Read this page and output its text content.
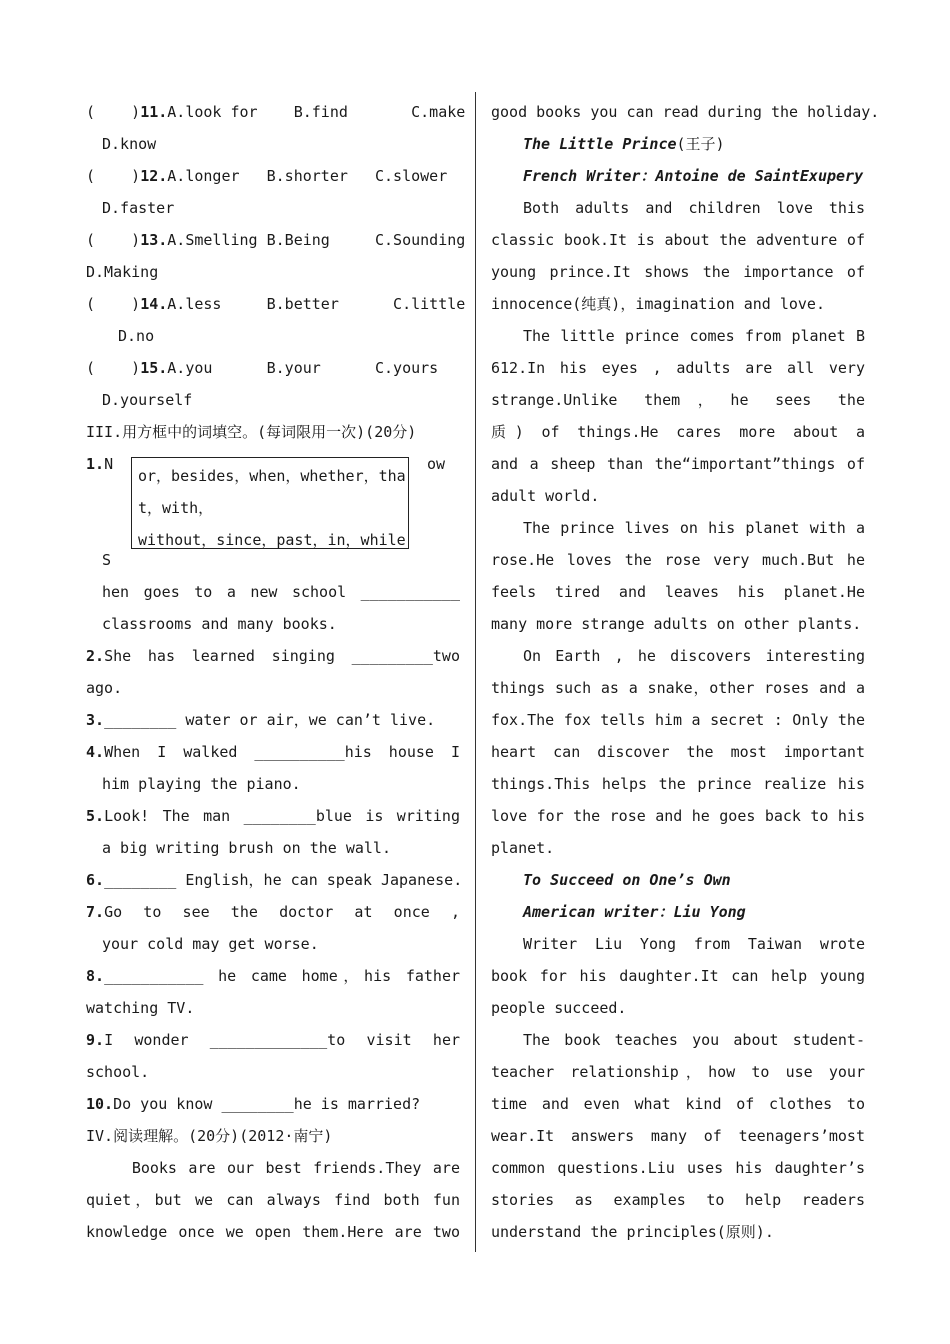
(    )11.A.look for    B.find       C.make
D.know
(    )12.A.longer   B.shorter   C.slower
D.faster
(    )13.A.Smelling B.Being     C.Sounding
D.Making
(    )14.A.less     B.better      C.little
D.no
(    )15.A.you      B.your      C.yours
D.yourself
III.用方框中的词填空。(每词限用一次)(20分)
1.N	ow
S
hen goes to a new school ___________
classrooms and many books.
2.She has learned singing _________two
ago.
3.________ water or air，we can’t live.
4.When I walked __________his house I
him playing the piano.
5.Look! The man ________blue is writing
a big writing brush on the wall.
6.________ English，he can speak Japanese.
7.Go to see the doctor at once ,
your cold may get worse.
8.___________ he came home，his father
watching TV.
9.I wonder _____________to visit her
school.
10.Do you know ________he is married?
IV.阅读理解。(20分)(2012·南宁)
Books are our best friends.They are
quiet，but we can always find both fun
knowledge once we open them.Here are two
or，besides，when，whether，tha
t，with，
without，since，past，in，while
good books you can read during the holiday.
The Little Prince(王子)
French Writer：Antoine de SaintExupery
Both adults and children love this
classic book.It is about the adventure of
young prince.It shows the importance of
innocence(纯真)，imagination and love.
The little prince comes from planet B
612.In his eyes , adults are all very
strange.Unlike them，he sees the
质) of things.He cares more about a
and a sheep than the“important”things of
adult world.
The prince lives on his planet with a
rose.He loves the rose very much.But he
feels tired and leaves his planet.He
many more strange adults on other plants.
On Earth , he discovers interesting
things such as a snake，other roses and a
fox.The fox tells him a secret : Only the
heart can discover the most important
things.This helps the prince realize his
love for the rose and he goes back to his
planet.
To Succeed on One’s Own
American writer：Liu Yong
Writer Liu Yong from Taiwan wrote
book for his daughter.It can help young
people succeed.
The book teaches you about student-
teacher relationship，how to use your
time and even what kind of clothes to
wear.It answers many of teenagers’most
common questions.Liu uses his daughter’s
stories as examples to help readers
understand the principles(原则).
